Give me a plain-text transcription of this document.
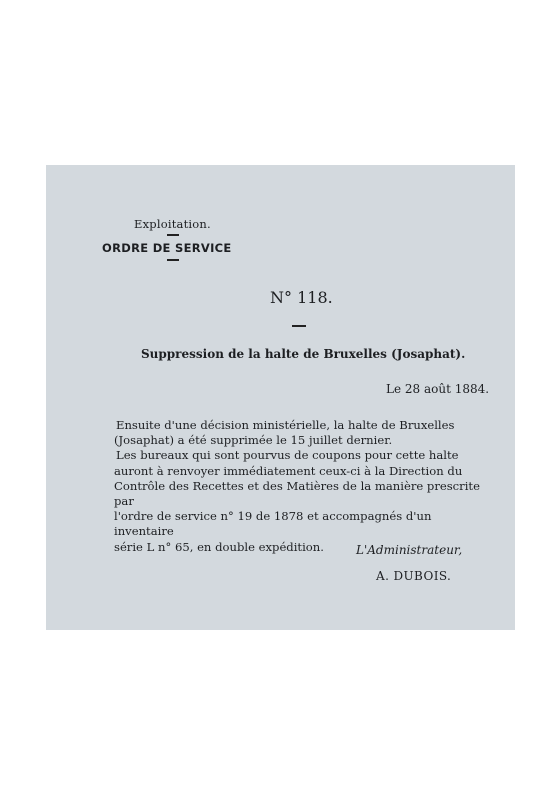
Exploitation.
ORDRE DE SERVICE
N° 118.
Suppression de la halte de Bruxelles (Josaphat).
Le 28 août 1884.
Ensuite d'une décision ministérielle, la halte de Bruxelles
(Josaphat) a été supprimée le 15 juillet dernier.
Les bureaux qui sont pourvus de coupons pour cette halte
auront à renvoyer immédiatement ceux-ci à la Direction du
Contrôle des Recettes et des Matières de la manière prescrite par
l'ordre de service n° 19 de 1878 et accompagnés d'un inventaire
série L n° 65, en double expédition.	L'Administrateur,
A. DUBOIS.
